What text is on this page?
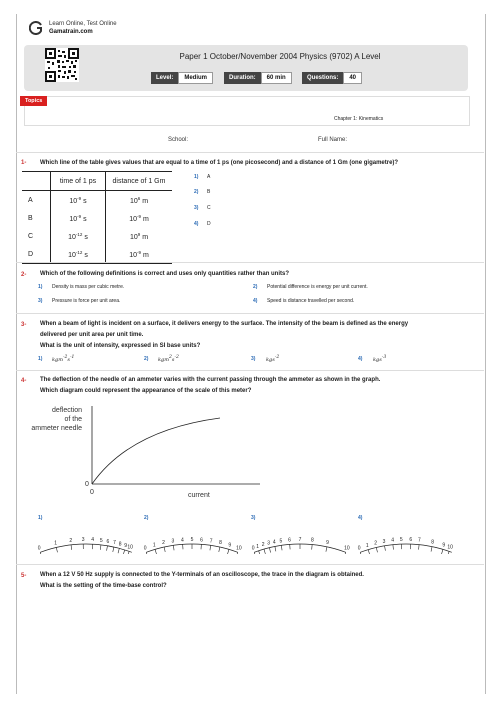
Learn Online, Test Online
Gamatrain.com
Paper 1 October/November 2004 Physics (9702) A Level
Level:	Medium	Duration:	60 min	Questions:	40
Topics
Chapter 1: Kinematics
School:	Full Name:
1- Which line of the table gives values that are equal to a time of 1 ps (one picosecond) and a distance of 1 Gm (one gigametre)?
	time of 1 ps	distance of 1 Gm
A	$10^{-9}$ s	$10^6$ m
B	$10^{-9}$ s	$10^{-9}$ m
C	$10^{-12}$ s	$10^9$ m
D	$10^{-12}$ s	$10^{-9}$ m
1) A
2) B
3) C
4) D
2- Which of the following definitions is correct and uses only quantities rather than units?
1) Density is mass per cubic metre.	2) Potential difference is energy per unit current.
3) Pressure is force per unit area.	4) Speed is distance travelled per second.
3- When a beam of light is incident on a surface, it delivers energy to the surface. The intensity of the beam is defined as the energy
delivered per unit area per unit time.
What is the unit of intensity, expressed in SI base units?
1) $kgm^{-2}s^{-1}$	2) $kgm^2s^{-2}$	3) kgs$^{-2}$	4) kgs$^{-3}$
4- The deflection of the needle of an ammeter varies with the current passing through the ammeter as shown in the graph.
Which diagram could represent the appearance of the scale of this meter?
deflection
of the
ammeter needle
0
0	current
1)	2)	3)	4)
0
1 2 3 4 5 6 7 8 9 10 0
1 2 3 4 5 6 7 8 9
10 0 1 2 3 4 5 6 7 8 9
10 0 1 2 3 4 5 6 7 8 9 10
5- When a 12 V 50 Hz supply is connected to the Y-terminals of an oscilloscope, the trace in the diagram is obtained.
What is the setting of the time-base control?
